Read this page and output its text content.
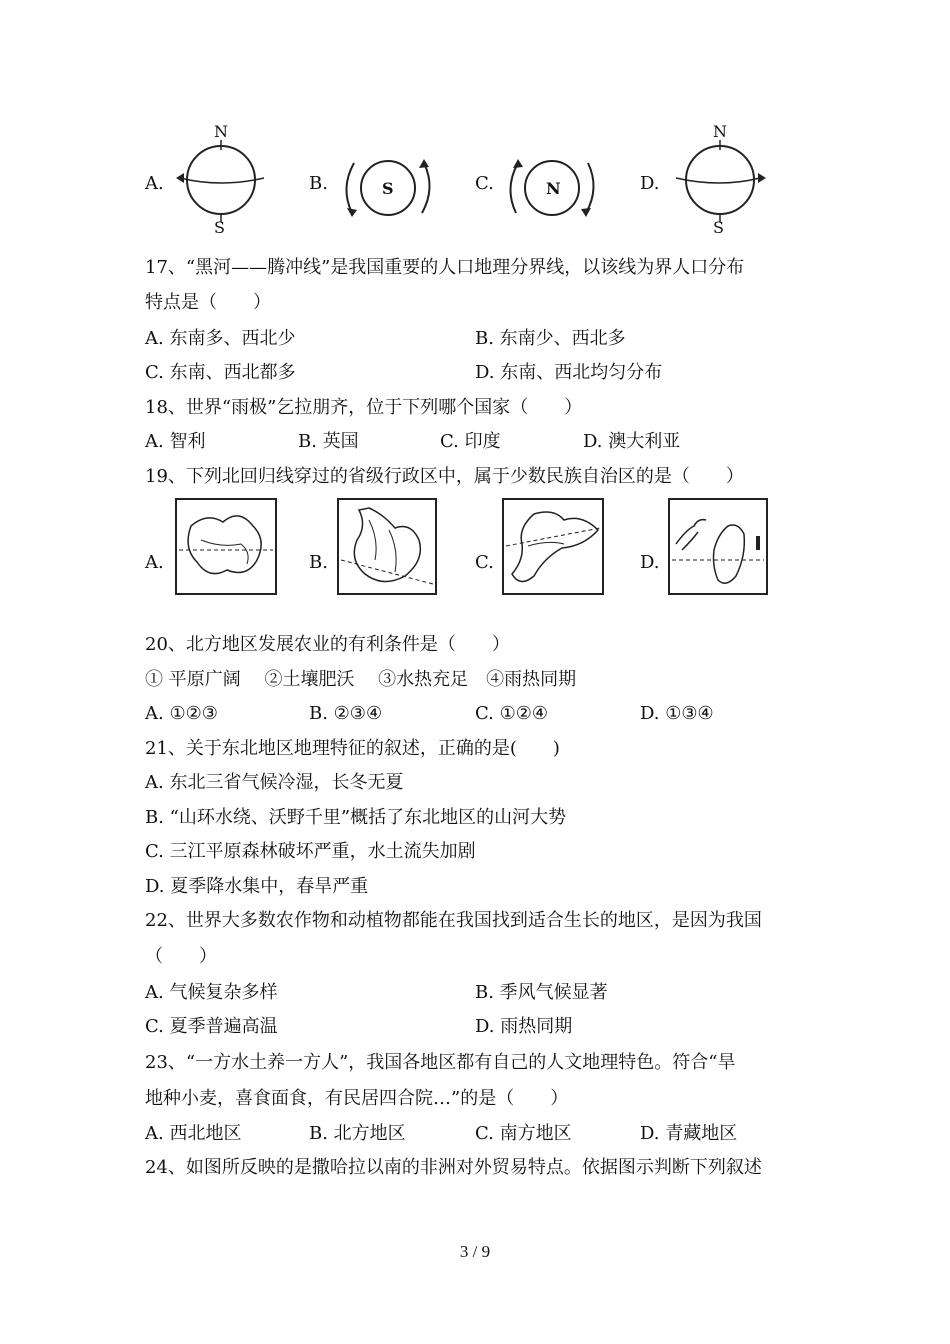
A.
N
S
B.	S	C.	N	D.
N
S
17、“黑河——腾冲线”是我国重要的人口地理分界线，以该线为界人口分布
特点是（　　）
A. 东南多、西北少	B. 东南少、西北多
C. 东南、西北都多	D. 东南、西北均匀分布
18、世界“雨极”乞拉朋齐，位于下列哪个国家（　　）
A. 智利	B. 英国	C. 印度	D. 澳大利亚
19、下列北回归线穿过的省级行政区中，属于少数民族自治区的是（　　）
A.	B.	C.	D.
20、北方地区发展农业的有利条件是（　　）
① 平原广阔　 ②土壤肥沃　 ③水热充足　④雨热同期
A. ①②③	B. ②③④	C. ①②④	D. ①③④
21、关于东北地区地理特征的叙述，正确的是(　　)
A. 东北三省气候冷湿，长冬无夏
B. “山环水绕、沃野千里”概括了东北地区的山河大势
C. 三江平原森林破坏严重，水土流失加剧
D. 夏季降水集中，春旱严重
22、世界大多数农作物和动植物都能在我国找到适合生长的地区，是因为我国
（　　）
A. 气候复杂多样	B. 季风气候显著
C. 夏季普遍高温	D. 雨热同期
23、“一方水土养一方人”，我国各地区都有自己的人文地理特色。符合“旱
地种小麦，喜食面食，有民居四合院…”的是（　　）
A. 西北地区	B. 北方地区	C. 南方地区	D. 青藏地区
24、如图所反映的是撒哈拉以南的非洲对外贸易特点。依据图示判断下列叙述
3 / 9
